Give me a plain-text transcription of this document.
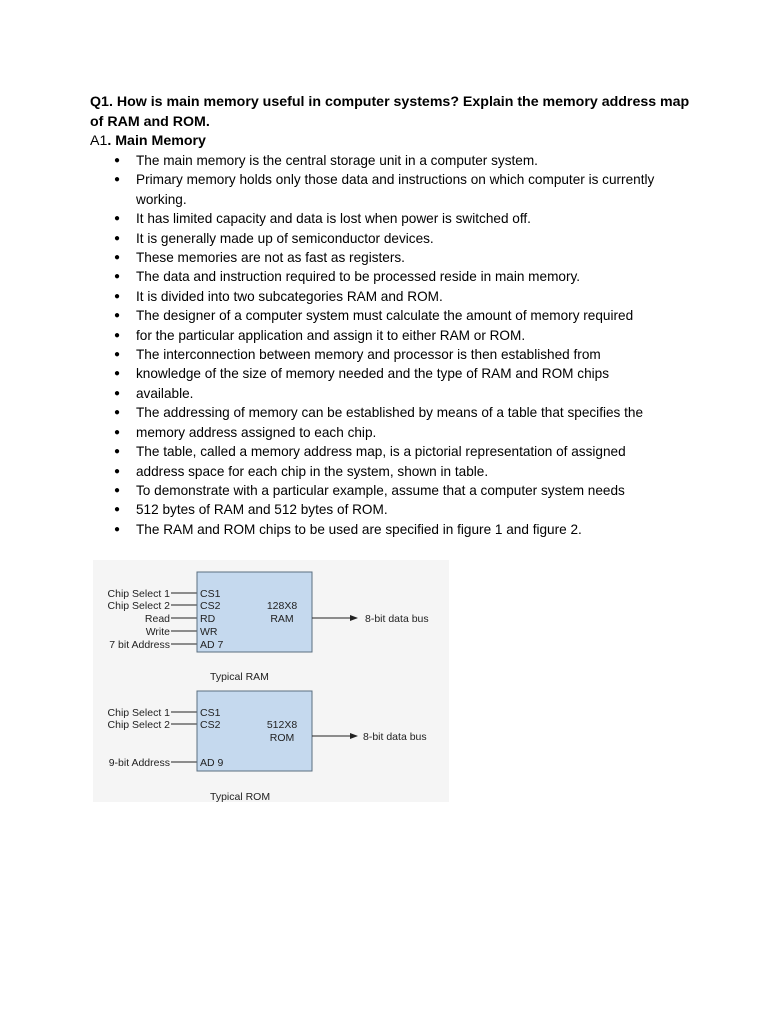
Q1. How is main memory useful in computer systems? Explain the memory address map of RAM and ROM.
A1. Main Memory
● The main memory is the central storage unit in a computer system.
● Primary memory holds only those data and instructions on which computer is currently working.
● It has limited capacity and data is lost when power is switched off.
● It is generally made up of semiconductor devices.
● These memories are not as fast as registers.
● The data and instruction required to be processed reside in main memory.
● It is divided into two subcategories RAM and ROM.
● The designer of a computer system must calculate the amount of memory required
● for the particular application and assign it to either RAM or ROM.
● The interconnection between memory and processor is then established from
● knowledge of the size of memory needed and the type of RAM and ROM chips
● available.
● The addressing of memory can be established by means of a table that specifies the
● memory address assigned to each chip.
● The table, called a memory address map, is a pictorial representation of assigned
● address space for each chip in the system, shown in table.
● To demonstrate with a particular example, assume that a computer system needs
● 512 bytes of RAM and 512 bytes of ROM.
● The RAM and ROM chips to be used are specified in figure 1 and figure 2.
Chip Select 1
Chip Select 2
Read
Write
7 bit Address
CS1
CS2
RD
WR
AD 7
128X8
RAM	8-bit data bus
Typical RAM
Chip Select 1
Chip Select 2
9-bit Address
CS1
CS2
AD 9
512X8
ROM	8-bit data bus
Typical ROM
